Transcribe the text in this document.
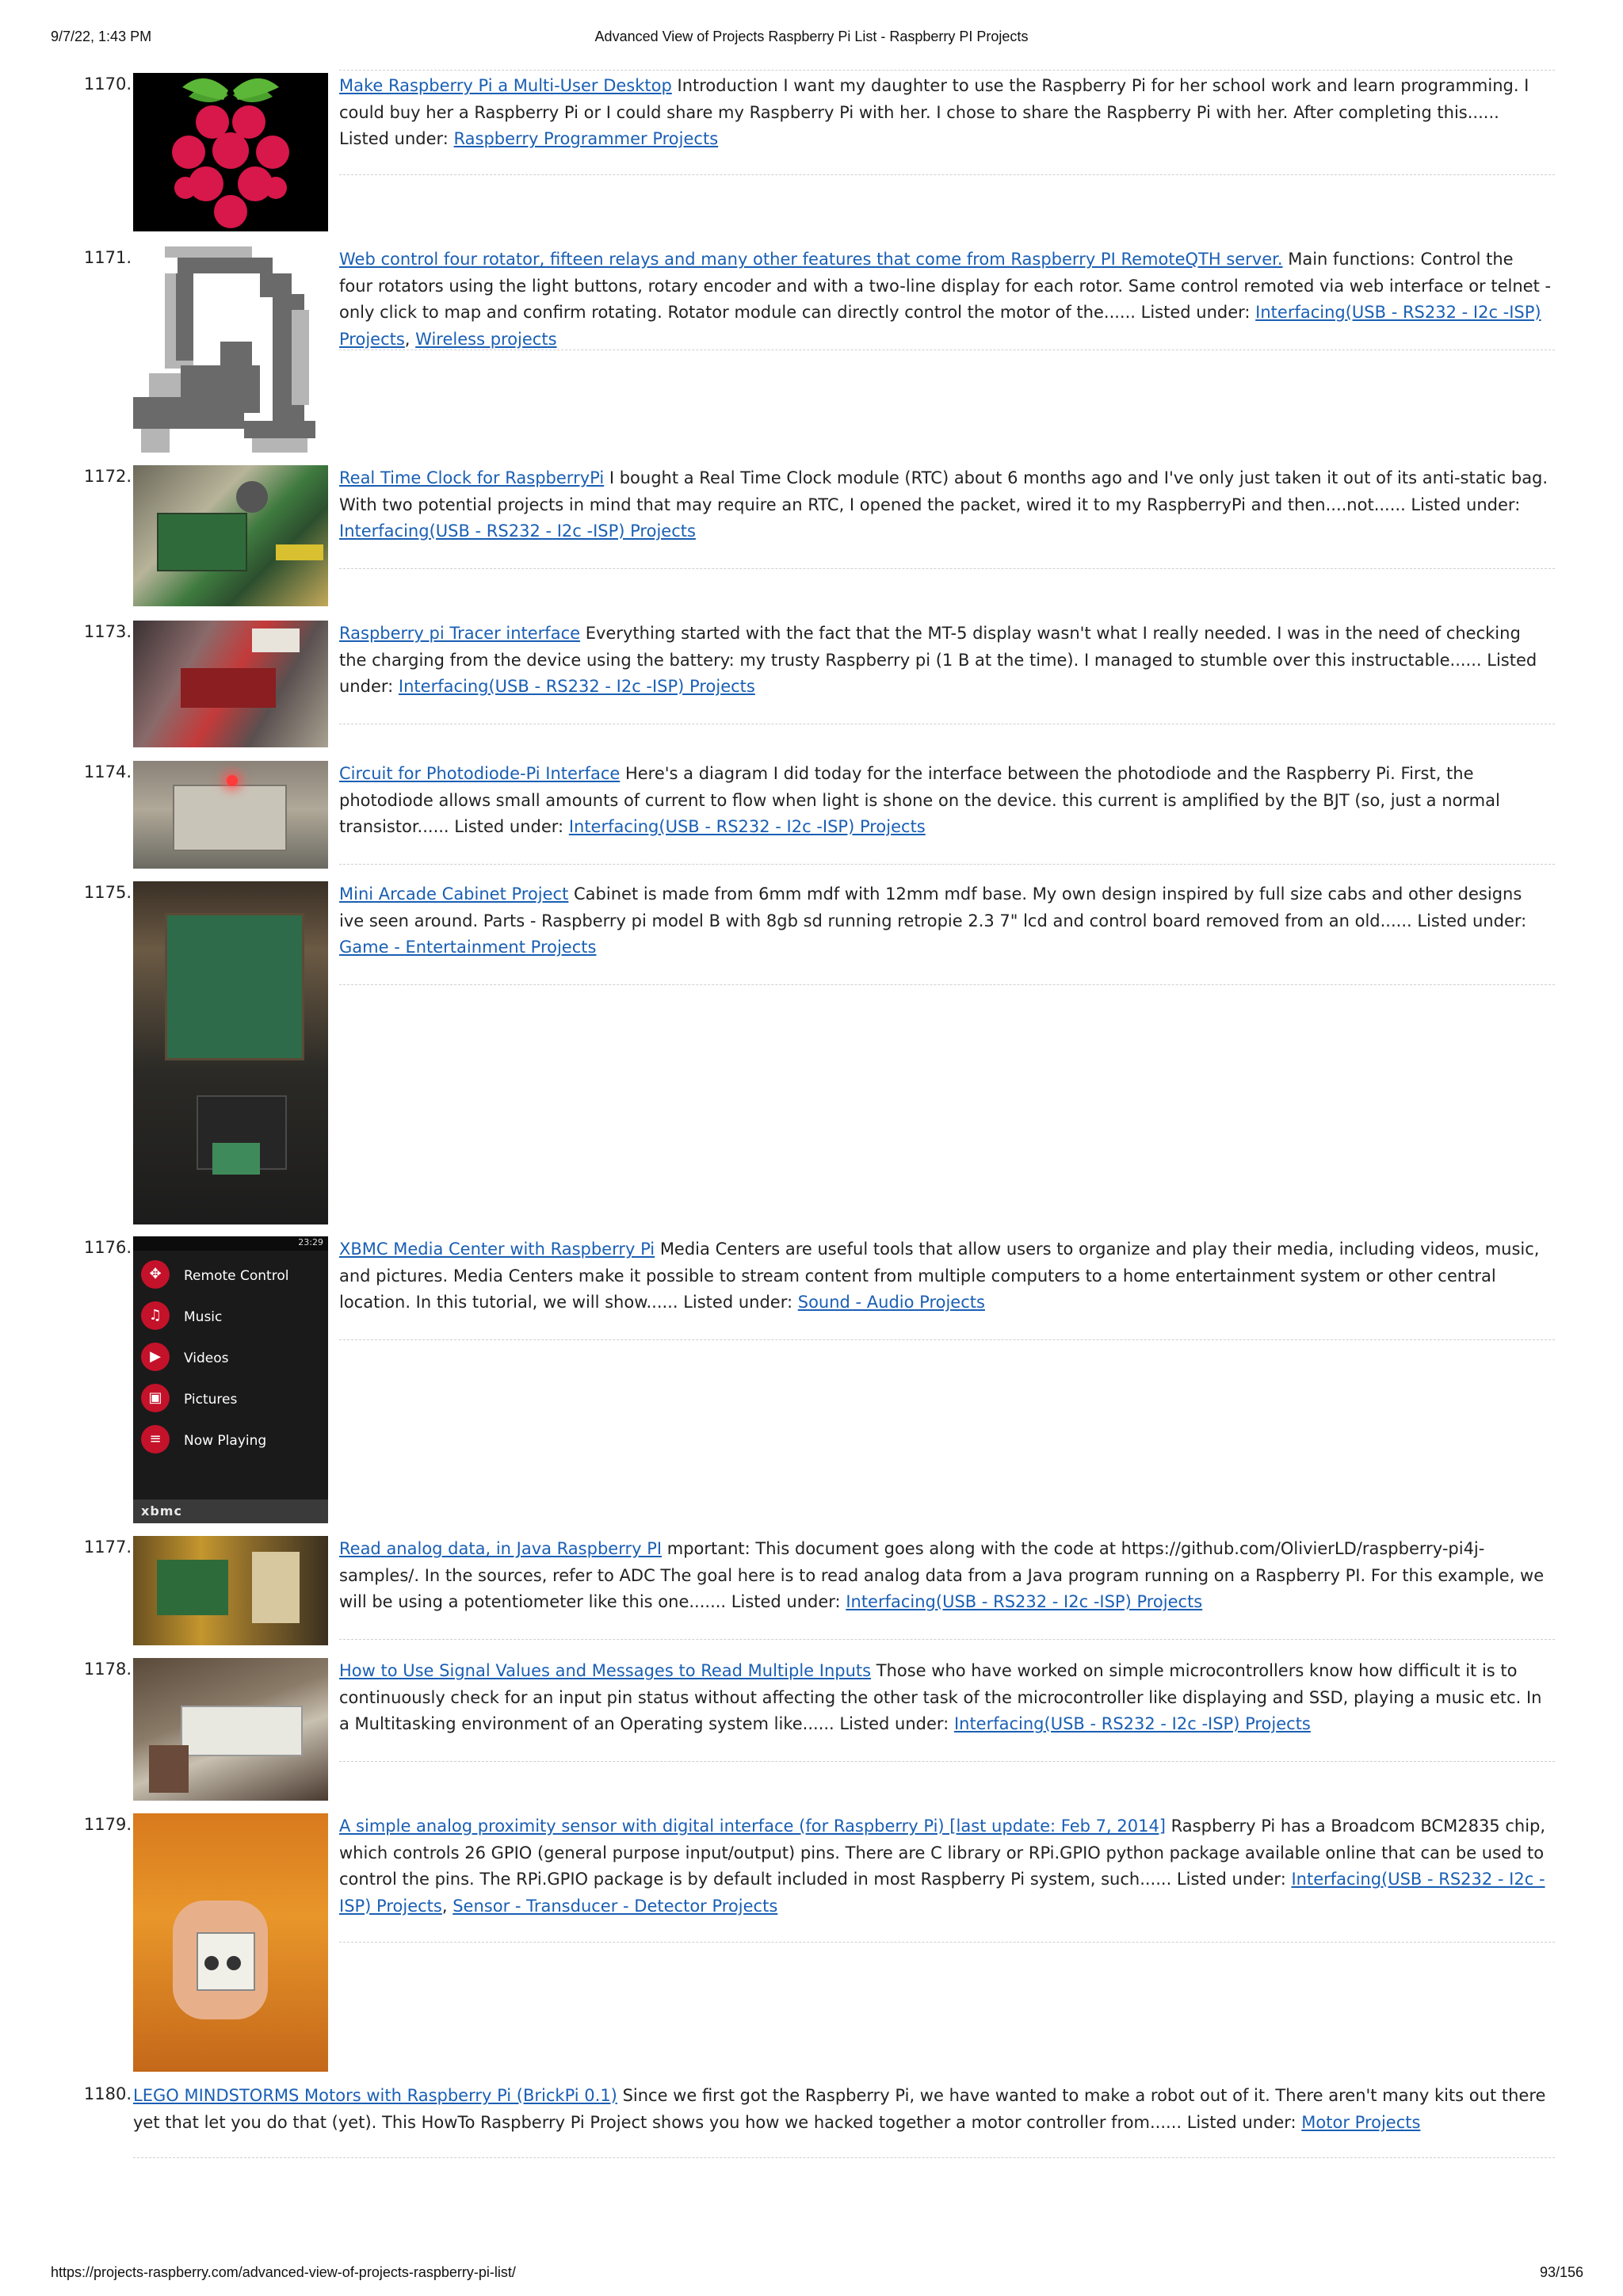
9/7/22, 1:43 PM	Advanced View of Projects Raspberry Pi List - Raspberry PI Projects
1170.	Make Raspberry Pi a Multi-User Desktop Introduction I want my daughter to use the Raspberry Pi for her school work and learn programming. I could buy her a Raspberry Pi or I could share my Raspberry Pi with her. I chose to share the Raspberry Pi with her. After completing this...... Listed under: Raspberry Programmer Projects
1171.	Web control four rotator, fifteen relays and many other features that come from Raspberry PI RemoteQTH server. Main functions: Control the four rotators using the light buttons, rotary encoder and with a two-line display for each rotor. Same control remoted via web interface or telnet - only click to map and confirm rotating. Rotator module can directly control the motor of the...... Listed under: Interfacing(USB - RS232 - I2c -ISP) Projects, Wireless projects
1172.	Real Time Clock for RaspberryPi I bought a Real Time Clock module (RTC) about 6 months ago and I've only just taken it out of its anti-static bag. With two potential projects in mind that may require an RTC, I opened the packet, wired it to my RaspberryPi and then....not...... Listed under: Interfacing(USB - RS232 - I2c -ISP) Projects
1173.	Raspberry pi Tracer interface Everything started with the fact that the MT-5 display wasn't what I really needed. I was in the need of checking the charging from the device using the battery: my trusty Raspberry pi (1 B at the time). I managed to stumble over this instructable...... Listed under: Interfacing(USB - RS232 - I2c -ISP) Projects
1174.	Circuit for Photodiode-Pi Interface Here's a diagram I did today for the interface between the photodiode and the Raspberry Pi. First, the photodiode allows small amounts of current to flow when light is shone on the device. this current is amplified by the BJT (so, just a normal transistor...... Listed under: Interfacing(USB - RS232 - I2c -ISP) Projects
1175.	Mini Arcade Cabinet Project Cabinet is made from 6mm mdf with 12mm mdf base. My own design inspired by full size cabs and other designs ive seen around. Parts - Raspberry pi model B with 8gb sd running retropie 2.3 7" lcd and control board removed from an old...... Listed under: Game - Entertainment Projects
1176.	23:29
✥	Remote Control
♫	Music
▶	Videos
▣	Pictures
≡	Now Playing
xbmc
XBMC Media Center with Raspberry Pi Media Centers are useful tools that allow users to organize and play their media, including videos, music, and pictures. Media Centers make it possible to stream content from multiple computers to a home entertainment system or other central location. In this tutorial, we will show...... Listed under: Sound - Audio Projects
1177.	Read analog data, in Java Raspberry PI mportant: This document goes along with the code at https://github.com/OlivierLD/raspberry-pi4j-samples/. In the sources, refer to ADC The goal here is to read analog data from a Java program running on a Raspberry PI. For this example, we will be using a potentiometer like this one....... Listed under: Interfacing(USB - RS232 - I2c -ISP) Projects
1178.	How to Use Signal Values and Messages to Read Multiple Inputs Those who have worked on simple microcontrollers know how difficult it is to continuously check for an input pin status without affecting the other task of the microcontroller like displaying and SSD, playing a music etc. In a Multitasking environment of an Operating system like...... Listed under: Interfacing(USB - RS232 - I2c -ISP) Projects
1179.	A simple analog proximity sensor with digital interface (for Raspberry Pi) [last update: Feb 7, 2014] Raspberry Pi has a Broadcom BCM2835 chip, which controls 26 GPIO (general purpose input/output) pins. There are C library or RPi.GPIO python package available online that can be used to control the pins. The RPi.GPIO package is by default included in most Raspberry Pi system, such...... Listed under: Interfacing(USB - RS232 - I2c -ISP) Projects, Sensor - Transducer - Detector Projects
1180. LEGO MINDSTORMS Motors with Raspberry Pi (BrickPi 0.1) Since we first got the Raspberry Pi, we have wanted to make a robot out of it. There aren't many kits out there yet that let you do that (yet). This HowTo Raspberry Pi Project shows you how we hacked together a motor controller from...... Listed under: Motor Projects
https://projects-raspberry.com/advanced-view-of-projects-raspberry-pi-list/	93/156
